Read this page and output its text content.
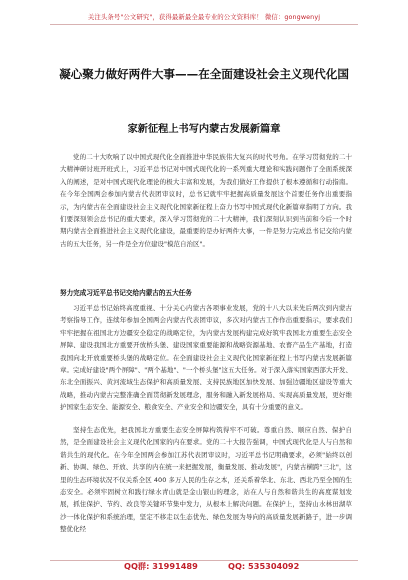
关注头条号"公文研究"，获得最新最全最专业的公文资料库！ 微信：gongwenyj
凝心聚力做好两件大事——在全面建设社会主义现代化国
家新征程上书写内蒙古发展新篇章
党的二十大吹响了以中国式现代化全面推进中华民族伟大复兴的时代号角。在学习贯彻党的二十大精神研讨班开班式上，习近平总书记对中国式现代化的一系列重大理论和实践问题作了全面系统深入的阐述，是对中国式现代化理论的极大丰富和发展，为我们做好工作提供了根本遵循和行动指南。在今年全国两会参加内蒙古代表团审议时，总书记就牢牢把握高质量发展这个首要任务作出重要指示，为内蒙古在全面建设社会主义现代化国家新征程上奋力书写中国式现代化新篇章指明了方向。我们要深刻领会总书记的重大要求，深入学习贯彻党的二十大精神，我们深刻认识到当前和今后一个时期内蒙古全面推进社会主义现代化建设，最重要的是办好两件大事，一件是努力完成总书记交给内蒙古的五大任务，另一件是全方位建设"模范自治区"。
努力完成习近平总书记交给内蒙古的五大任务
习近平总书记始终高度重视、十分关心内蒙古各项事业发展，党的十八大以来先后两次到内蒙古考察指导工作，连续年参加全国两会内蒙古代表团审议，多次对内蒙古工作作出重要指示，要求我们牢牢把握在祖国北方边疆安全稳定的战略定位，为内蒙古发展构建完成好筑牢我国北方重要生态安全屏障、建设我国北方重要开放桥头堡、建设国家重要能源和战略资源基地、农畜产品生产基地，打造我国向北开放重要桥头堡的战略定位。在全面建设社会主义现代化国家新征程上书写内蒙古发展新篇章。完成好建设"两个屏障"、"两个基地"、"一个桥头堡"这五大任务。对于深入落实国家西部大开发、东北全面振兴、黄河流域生态保护和高质量发展、支持民族地区加快发展、加强边疆地区建设等重大战略，推动内蒙古完整准确全面贯彻新发展理念，服务和融入新发展格局、实现高质量发展，更好维护国家生态安全、能源安全、粮食安全、产业安全和边疆安全，具有十分重要的意义。
坚持生态优先，把我国北方重要生态安全屏障构筑得牢不可破。尊重自然、顺应自然、保护自然，是全面建设社会主义现代化国家的内在要求。党的二十大报告强调，中国式现代化是人与自然和谐共生的现代化。在今年全国两会参加江苏代表团审议时，习近平总书记明确要求，必须"始终以创新、协调、绿色、开放、共享的内在统一来把握发展，衡量发展、推动发展"，内蒙古横跨"三北"，这里的生态环境状况不仅关系全区 400 多万人民的生存之本，还关系着华北、东北、西北乃至全国的生态安全。必须牢固树立和践行绿水青山就是金山银山的理念，站在人与自然和谐共生的高度谋划发展，抓住保护、节约、改良等关键环节集中发力，从根本上解决问题。在保护上，坚持山水林田湖草沙一体化保护和系统治理，坚定不移走以生态优先、绿色发展为导向的高质量发展新路子，进一步调整优化经
QQ群: 31991489	QQ: 535304092
